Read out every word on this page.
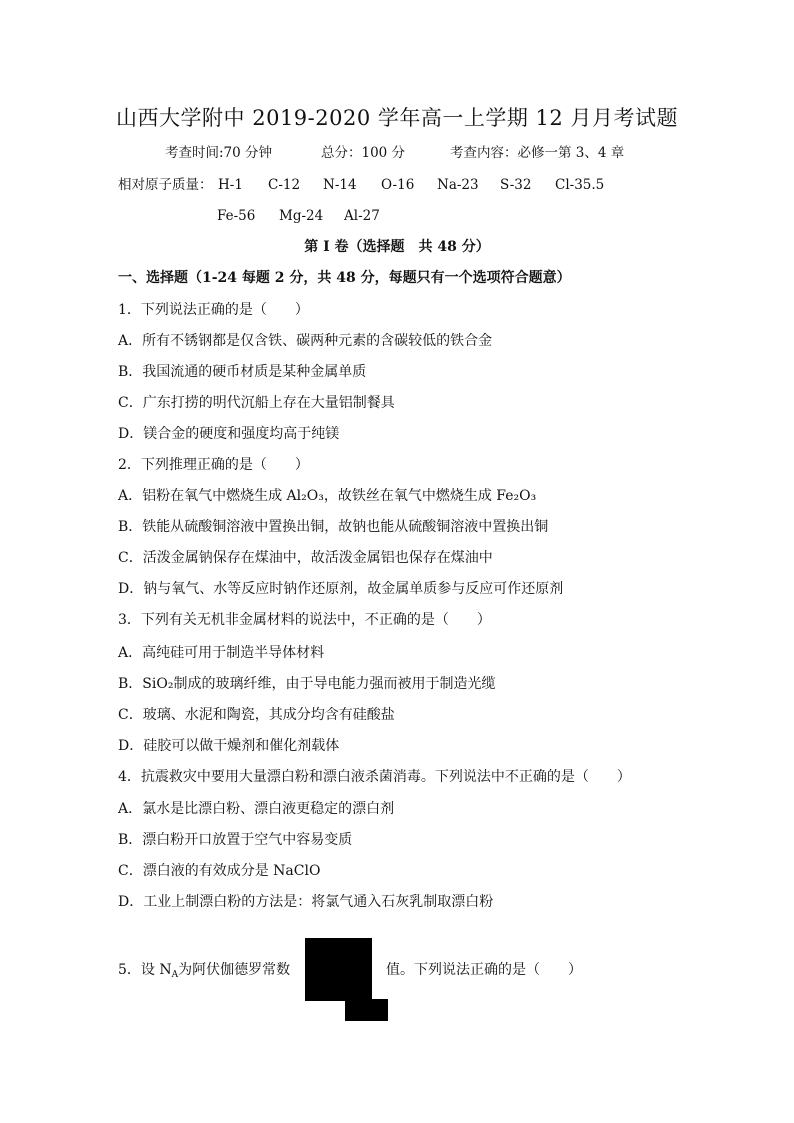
山西大学附中 2019-2020 学年高一上学期 12 月月考试题
考查时间:70 分钟	总分：100 分	考查内容：必修一第 3、4 章
相对原子质量： H-1 C-12 N-14 O-16 Na-23 S-32 Cl-35.5
Fe-56 Mg-24 Al-27
第 I 卷（选择题　共 48 分）
一、选择题（1-24 每题 2 分，共 48 分，每题只有一个选项符合题意）
1．下列说法正确的是（　　）
A．所有不锈钢都是仅含铁、碳两种元素的含碳较低的铁合金
B．我国流通的硬币材质是某种金属单质
C．广东打捞的明代沉船上存在大量铝制餐具
D．镁合金的硬度和强度均高于纯镁
2．下列推理正确的是（　　）
A．铝粉在氧气中燃烧生成 Al₂O₃，故铁丝在氧气中燃烧生成 Fe₂O₃
B．铁能从硫酸铜溶液中置换出铜，故钠也能从硫酸铜溶液中置换出铜
C．活泼金属钠保存在煤油中，故活泼金属铝也保存在煤油中
D．钠与氧气、水等反应时钠作还原剂，故金属单质参与反应可作还原剂
3．下列有关无机非金属材料的说法中，不正确的是（　　）
A．高纯硅可用于制造半导体材料
B．SiO₂制成的玻璃纤维，由于导电能力强而被用于制造光缆
C．玻璃、水泥和陶瓷，其成分均含有硅酸盐
D．硅胶可以做干燥剂和催化剂载体
4．抗震救灾中要用大量漂白粉和漂白液杀菌消毒。下列说法中不正确的是（　　）
A．氯水是比漂白粉、漂白液更稳定的漂白剂
B．漂白粉开口放置于空气中容易变质
C．漂白液的有效成分是 NaClO
D．工业上制漂白粉的方法是：将氯气通入石灰乳制取漂白粉
5．设 $N_A$为阿伏伽德罗常数	值。下列说法正确的是（　　）
